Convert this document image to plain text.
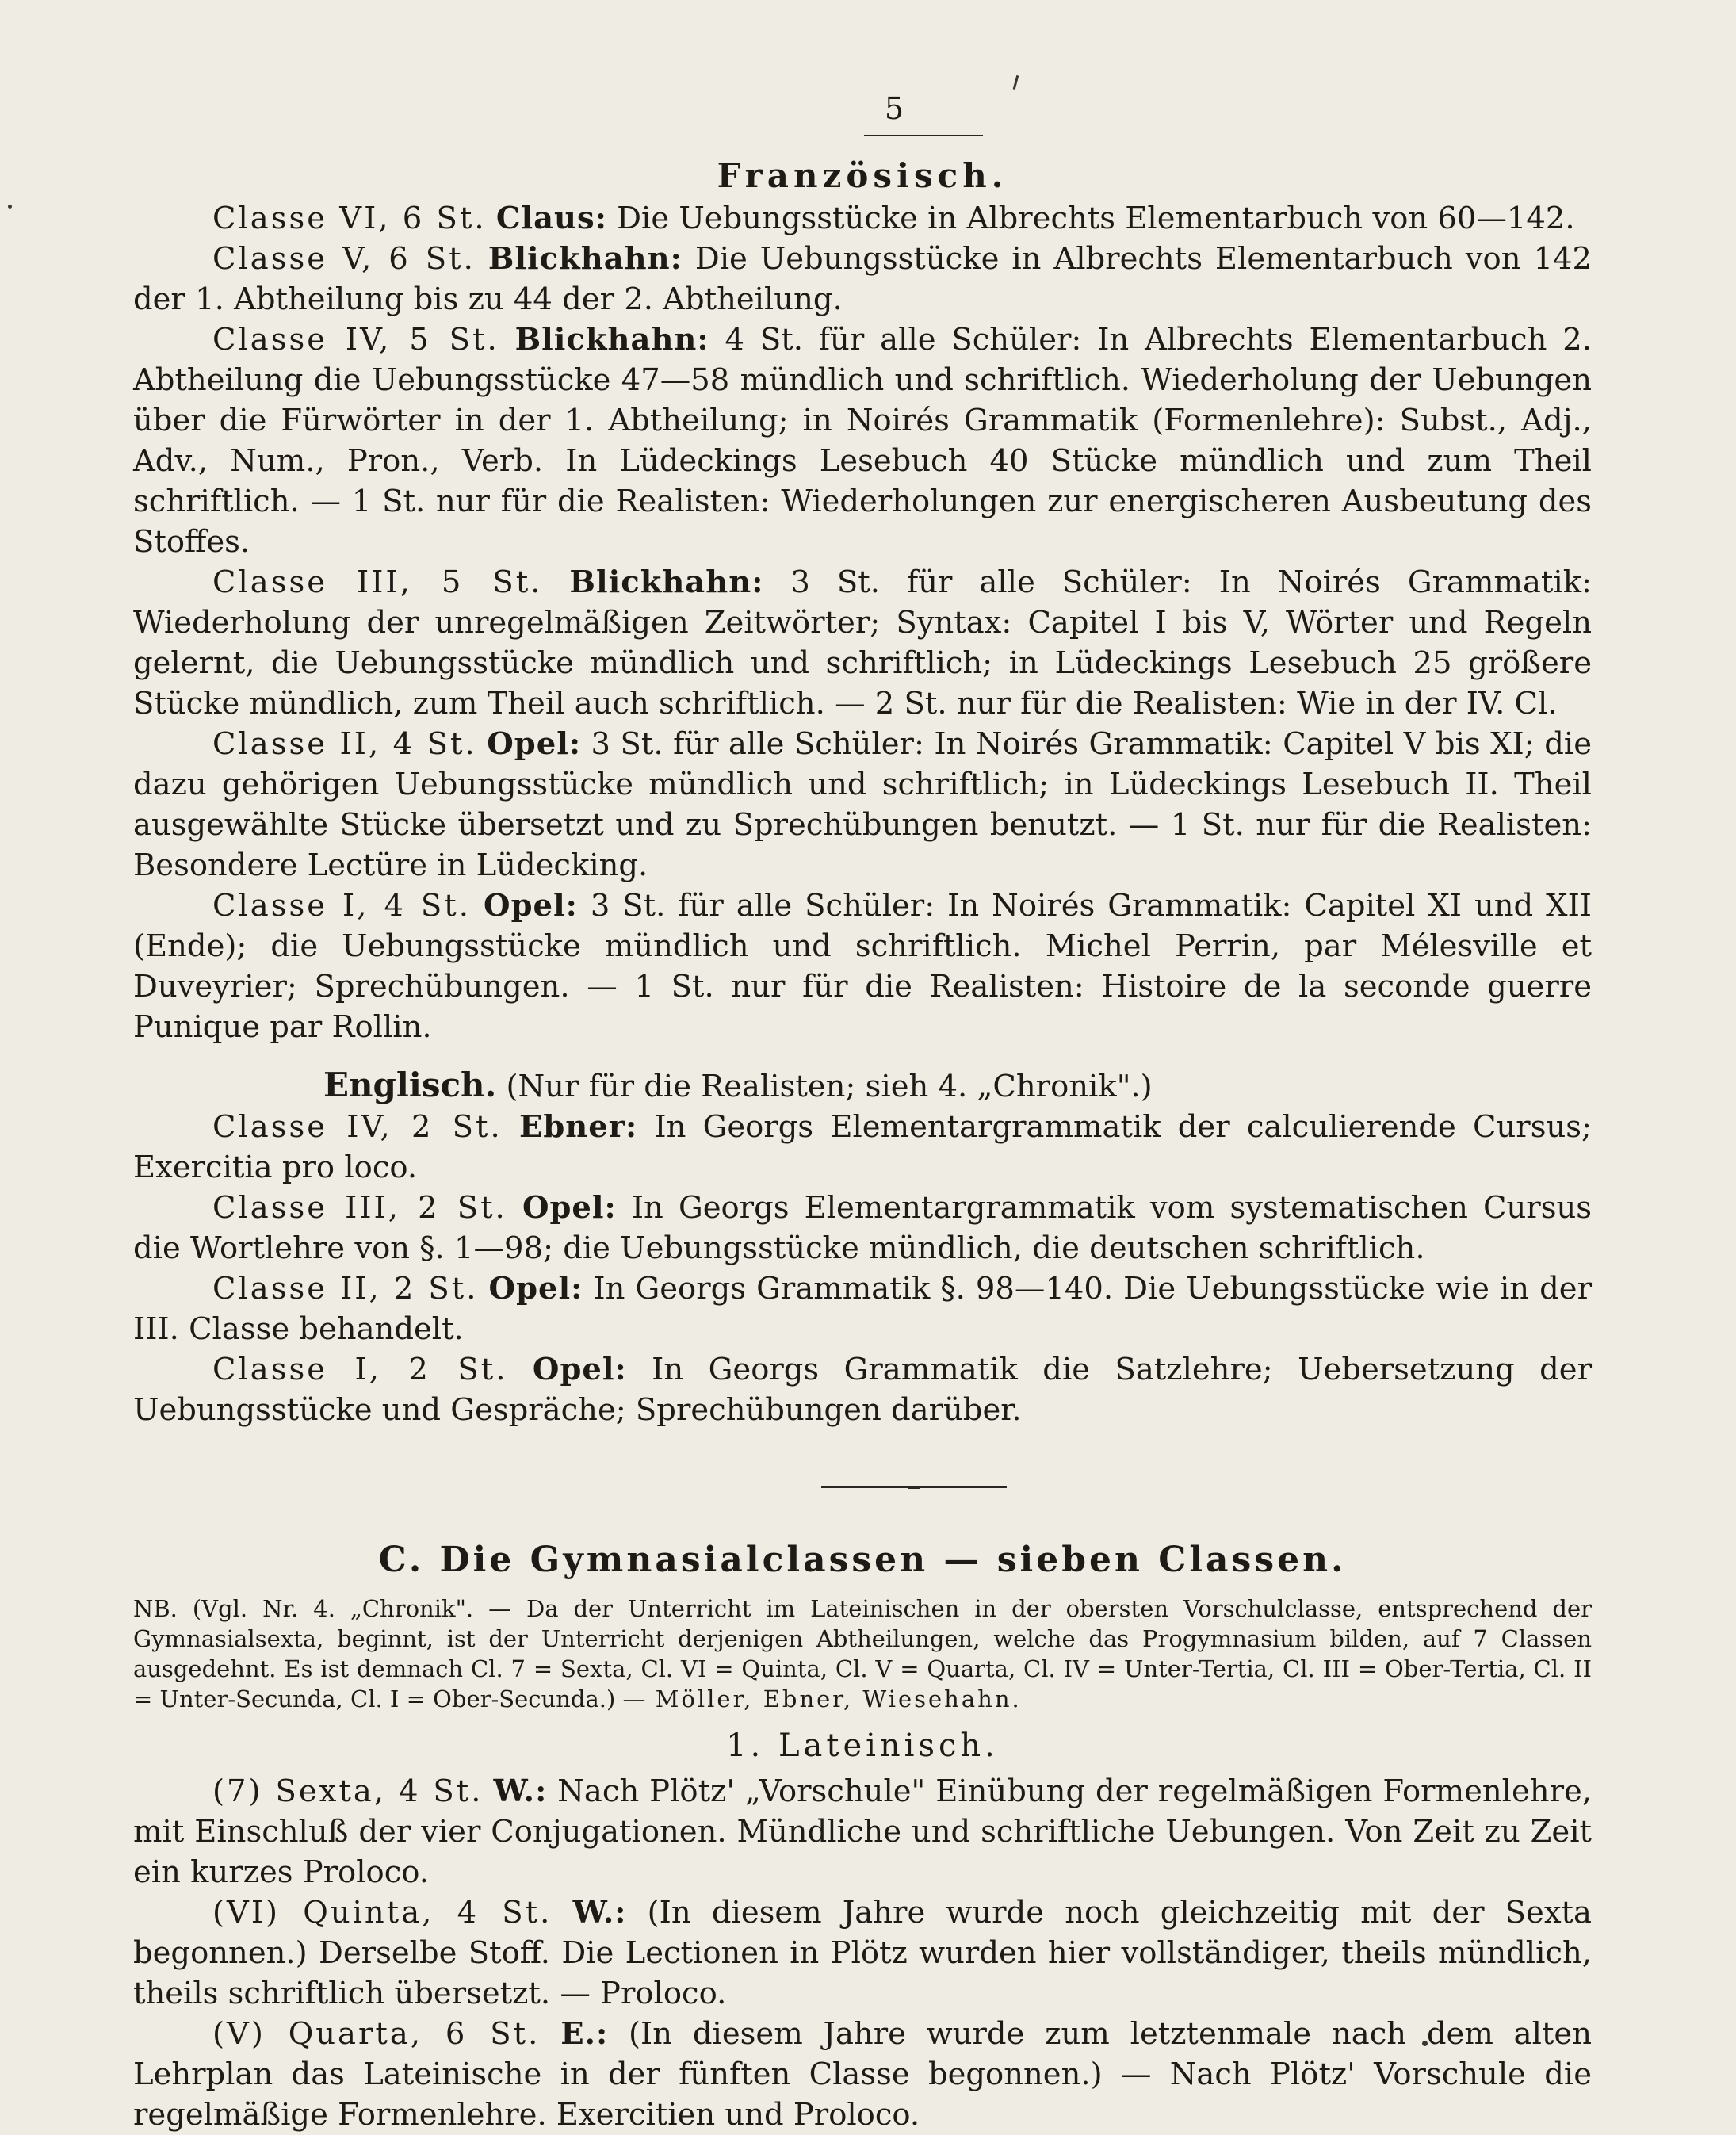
5
Französisch.

Classe VI, 6 St. Claus: Die Uebungsstücke in Albrechts Elementarbuch von 60—142.

Classe V, 6 St. Blickhahn: Die Uebungsstücke in Albrechts Elementarbuch von 142 der 1. Abtheilung bis zu 44 der 2. Abtheilung.

Classe IV, 5 St. Blickhahn: 4 St. für alle Schüler: In Albrechts Elementarbuch 2. Abtheilung die Uebungsstücke 47—58 mündlich und schriftlich. Wiederholung der Uebungen über die Fürwörter in der 1. Abtheilung; in Noirés Grammatik (Formenlehre): Subst., Adj., Adv., Num., Pron., Verb. In Lüdeckings Lesebuch 40 Stücke mündlich und zum Theil schriftlich. — 1 St. nur für die Realisten: Wiederholungen zur energischeren Ausbeutung des Stoffes.

Classe III, 5 St. Blickhahn: 3 St. für alle Schüler: In Noirés Grammatik: Wiederholung der unregelmäßigen Zeitwörter; Syntax: Capitel I bis V, Wörter und Regeln gelernt, die Uebungsstücke mündlich und schriftlich; in Lüdeckings Lesebuch 25 größere Stücke mündlich, zum Theil auch schriftlich. — 2 St. nur für die Realisten: Wie in der IV. Cl.

Classe II, 4 St. Opel: 3 St. für alle Schüler: In Noirés Grammatik: Capitel V bis XI; die dazu gehörigen Uebungsstücke mündlich und schriftlich; in Lüdeckings Lesebuch II. Theil ausgewählte Stücke übersetzt und zu Sprechübungen benutzt. — 1 St. nur für die Realisten: Besondere Lectüre in Lüdecking.

Classe I, 4 St. Opel: 3 St. für alle Schüler: In Noirés Grammatik: Capitel XI und XII (Ende); die Uebungsstücke mündlich und schriftlich. Michel Perrin, par Mélesville et Duveyrier; Sprechübungen. — 1 St. nur für die Realisten: Histoire de la seconde guerre Punique par Rollin.

Englisch. (Nur für die Realisten; sieh 4. „Chronik".)

Classe IV, 2 St. Ebner: In Georgs Elementargrammatik der calculierende Cursus; Exercitia pro loco.

Classe III, 2 St. Opel: In Georgs Elementargrammatik vom systematischen Cursus die Wortlehre von §. 1—98; die Uebungsstücke mündlich, die deutschen schriftlich.

Classe II, 2 St. Opel: In Georgs Grammatik §. 98—140. Die Uebungsstücke wie in der III. Classe behandelt.

Classe I, 2 St. Opel: In Georgs Grammatik die Satzlehre; Uebersetzung der Uebungsstücke und Gespräche; Sprechübungen darüber.

C. Die Gymnasialclassen — sieben Classen.

NB. (Vgl. Nr. 4. „Chronik". — Da der Unterricht im Lateinischen in der obersten Vorschulclasse, entsprechend der Gymnasialsexta, beginnt, ist der Unterricht derjenigen Abtheilungen, welche das Progymnasium bilden, auf 7 Classen ausgedehnt. Es ist demnach Cl. 7 = Sexta, Cl. VI = Quinta, Cl. V = Quarta, Cl. IV = Unter-Tertia, Cl. III = Ober-Tertia, Cl. II = Unter-Secunda, Cl. I = Ober-Secunda.) — Möller, Ebner, Wiesehahn.

1. Lateinisch.

(7) Sexta, 4 St. W.: Nach Plötz' „Vorschule" Einübung der regelmäßigen Formenlehre, mit Einschluß der vier Conjugationen. Mündliche und schriftliche Uebungen. Von Zeit zu Zeit ein kurzes Proloco.

(VI) Quinta, 4 St. W.: (In diesem Jahre wurde noch gleichzeitig mit der Sexta begonnen.) Derselbe Stoff. Die Lectionen in Plötz wurden hier vollständiger, theils mündlich, theils schriftlich übersetzt. — Proloco.

(V) Quarta, 6 St. E.: (In diesem Jahre wurde zum letztenmale nach dem alten Lehrplan das Lateinische in der fünften Classe begonnen.) — Nach Plötz' Vorschule die regelmäßige Formenlehre. Exercitien und Proloco.
